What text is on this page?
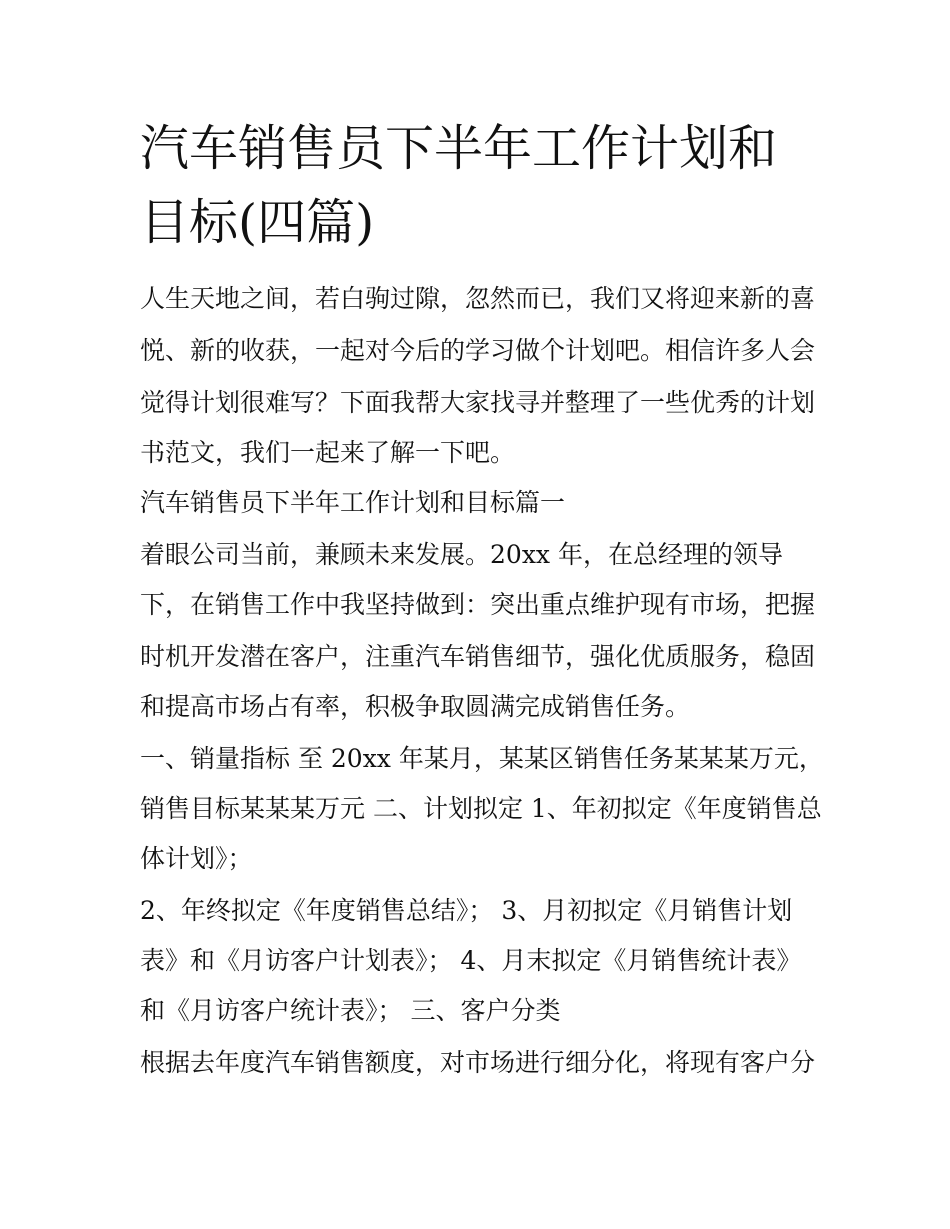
汽车销售员下半年工作计划和
目标(四篇)

人生天地之间，若白驹过隙，忽然而已，我们又将迎来新的喜

悦、新的收获，一起对今后的学习做个计划吧。相信许多人会

觉得计划很难写？下面我帮大家找寻并整理了一些优秀的计划

书范文，我们一起来了解一下吧。

汽车销售员下半年工作计划和目标篇一

着眼公司当前，兼顾未来发展。20xx 年，在总经理的领导

下，在销售工作中我坚持做到：突出重点维护现有市场，把握

时机开发潜在客户，注重汽车销售细节，强化优质服务，稳固

和提高市场占有率，积极争取圆满完成销售任务。

一、销量指标 至 20xx 年某月，某某区销售任务某某某万元，

销售目标某某某万元 二、计划拟定 1、年初拟定《年度销售总

体计划》；

2、年终拟定《年度销售总结》； 3、月初拟定《月销售计划

表》和《月访客户计划表》； 4、月末拟定《月销售统计表》

和《月访客户统计表》； 三、客户分类

根据去年度汽车销售额度，对市场进行细分化，将现有客户分
